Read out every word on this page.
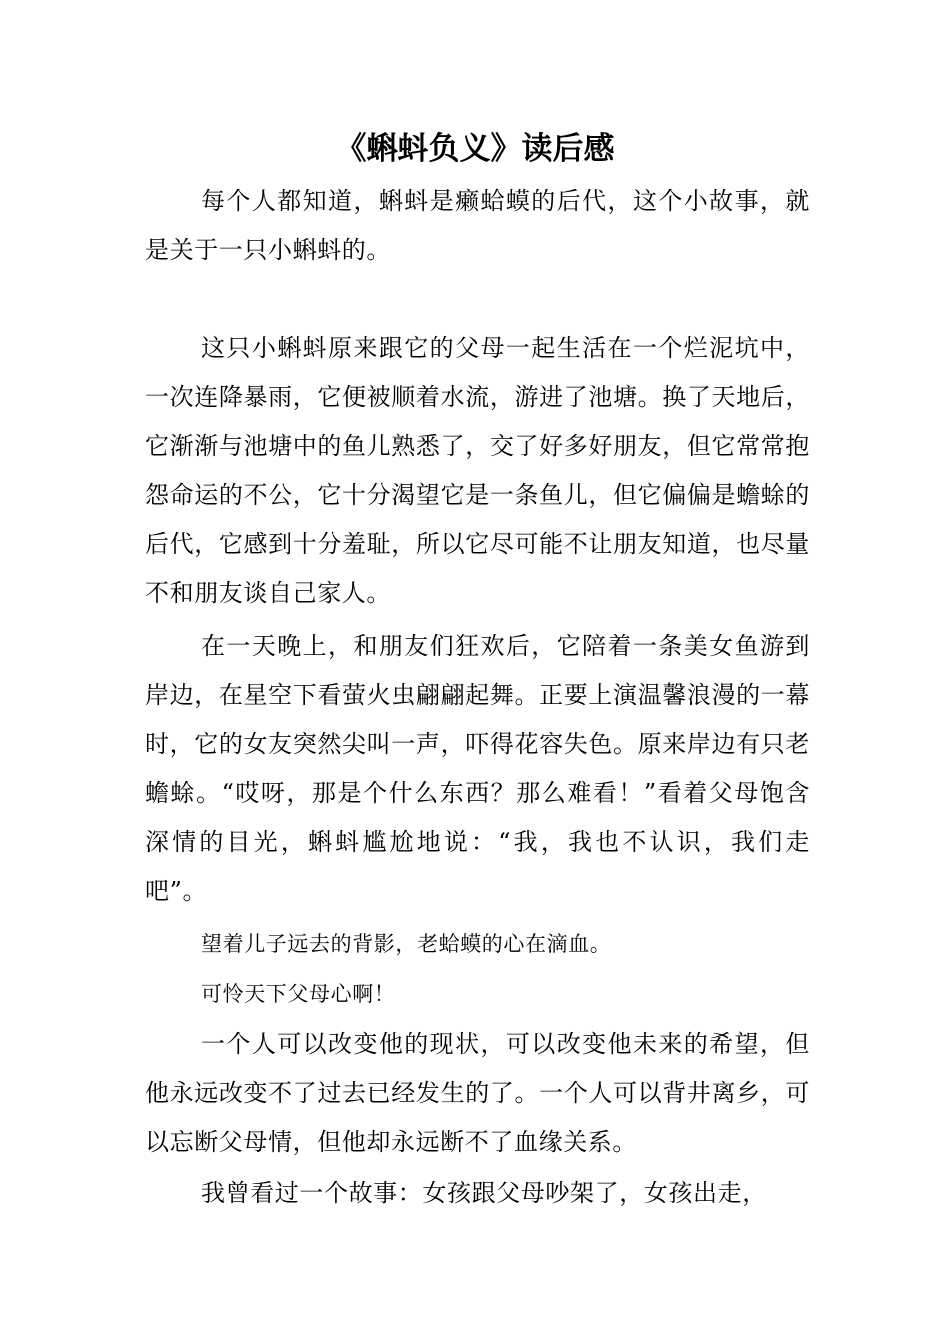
《蝌蚪负义》读后感

每个人都知道，蝌蚪是癞蛤蟆的后代，这个小故事，就是关于一只小蝌蚪的。

这只小蝌蚪原来跟它的父母一起生活在一个烂泥坑中，一次连降暴雨，它便被顺着水流，游进了池塘。换了天地后，它渐渐与池塘中的鱼儿熟悉了，交了好多好朋友，但它常常抱怨命运的不公，它十分渴望它是一条鱼儿，但它偏偏是蟾蜍的后代，它感到十分羞耻，所以它尽可能不让朋友知道，也尽量不和朋友谈自己家人。

在一天晚上，和朋友们狂欢后，它陪着一条美女鱼游到岸边，在星空下看萤火虫翩翩起舞。正要上演温馨浪漫的一幕时，它的女友突然尖叫一声，吓得花容失色。原来岸边有只老蟾蜍。“哎呀，那是个什么东西？那么难看！”看着父母饱含深情的目光，蝌蚪尴尬地说：“我，我也不认识，我们走吧”。

望着儿子远去的背影，老蛤蟆的心在滴血。

可怜天下父母心啊！

一个人可以改变他的现状，可以改变他未来的希望，但他永远改变不了过去已经发生的了。一个人可以背井离乡，可以忘断父母情，但他却永远断不了血缘关系。

我曾看过一个故事：女孩跟父母吵架了，女孩出走，
